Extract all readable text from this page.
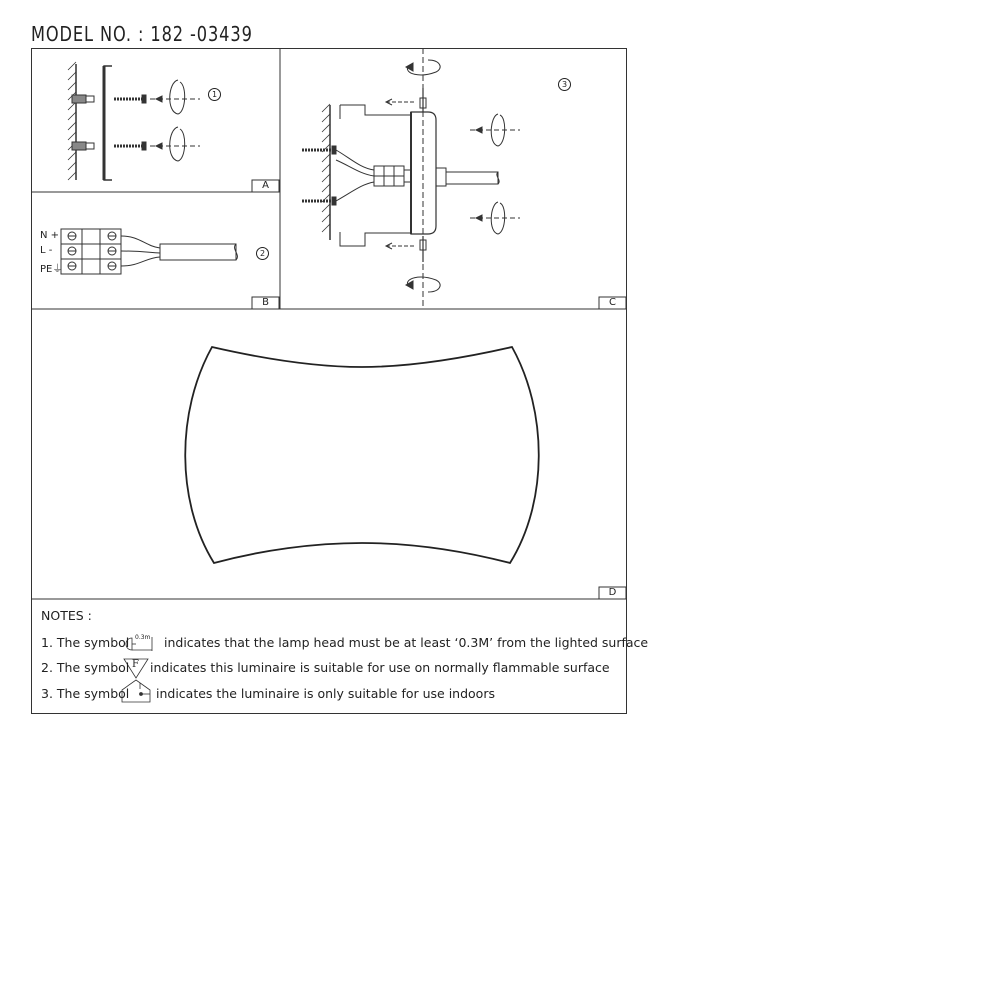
MODEL NO. : 182 -03439
A
B	C
D
1
2
3
N +
L -
PE⏚
NOTES :
1. The symbol 0.3m indicates that the lamp head must be at least ‘0.3M’ from the lighted surface
2. The symbol F indicates this luminaire is suitable for use on normally flammable surface
3. The symbol indicates the luminaire is only suitable for use indoors
